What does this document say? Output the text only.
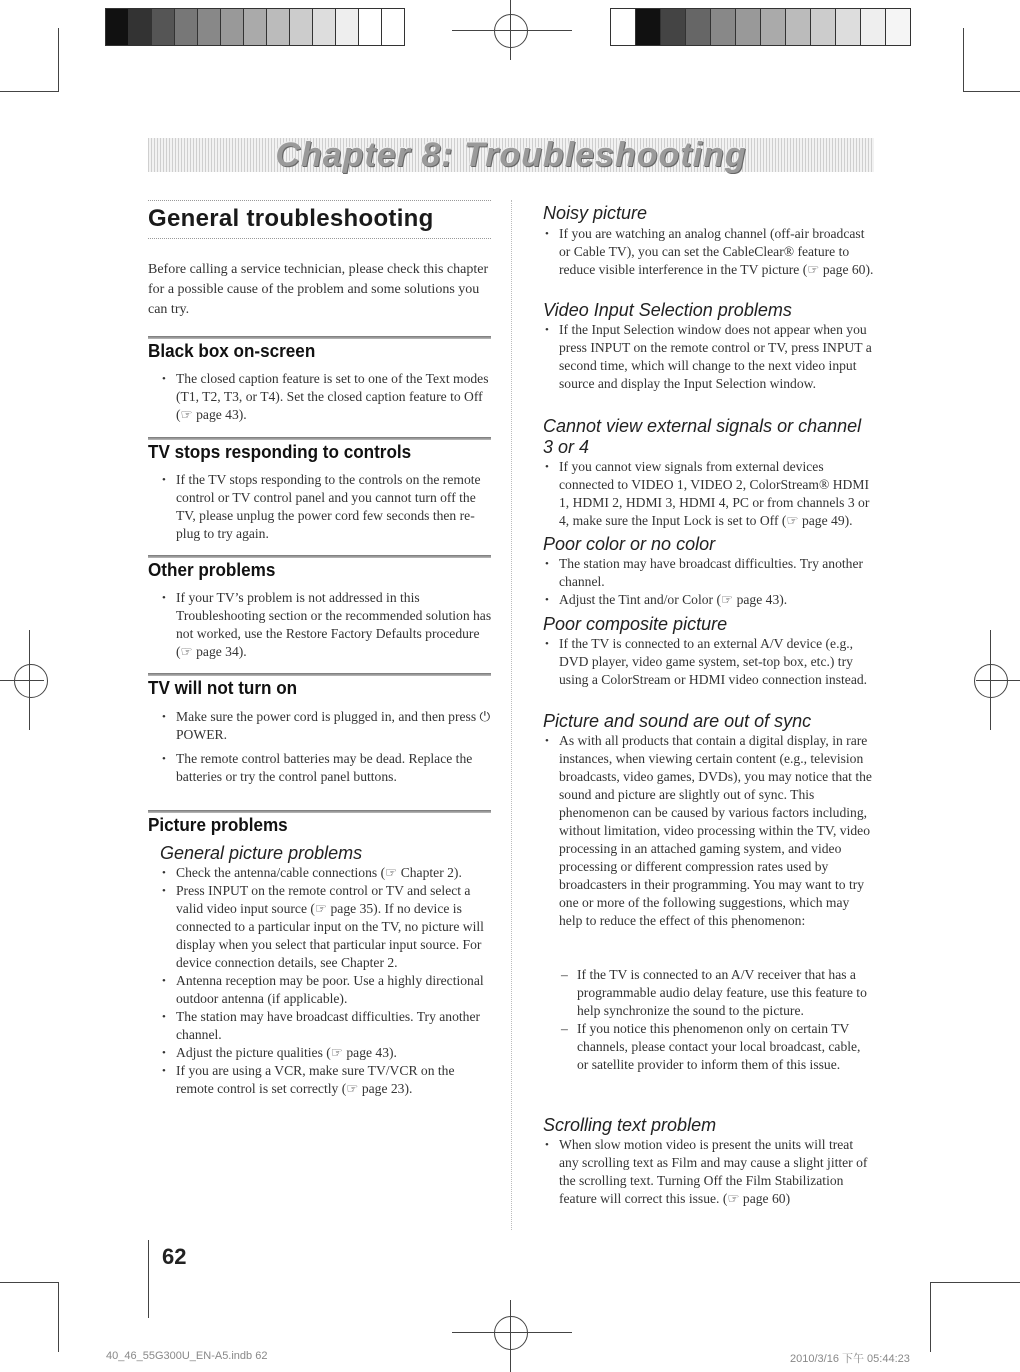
Chapter 8: Troubleshooting
General troubleshooting
Before calling a service technician, please check this chapter for a possible cause of the problem and some solutions you can try.
Black box on-screen
• The closed caption feature is set to one of the Text modes (T1, T2, T3, or T4). Set the closed caption feature to Off (☞ page 43).
TV stops responding to controls
• If the TV stops responding to the controls on the remote control or TV control panel and you cannot turn off the TV, please unplug the power cord few seconds then re-plug to try again.
Other problems
• If your TV’s problem is not addressed in this Troubleshooting section or the recommended solution has not worked, use the Restore Factory Defaults procedure (☞ page 34).
TV will not turn on
• Make sure the power cord is plugged in, and then press ⏻ POWER.
• The remote control batteries may be dead. Replace the batteries or try the control panel buttons.
Picture problems
General picture problems
• Check the antenna/cable connections (☞ Chapter 2).
• Press INPUT on the remote control or TV and select a valid video input source (☞ page 35). If no device is connected to a particular input on the TV, no picture will display when you select that particular input source. For device connection details, see Chapter 2.
• Antenna reception may be poor. Use a highly directional outdoor antenna (if applicable).
• The station may have broadcast difficulties. Try another channel.
• Adjust the picture qualities (☞ page 43).
• If you are using a VCR, make sure TV/VCR on the remote control is set correctly (☞ page 23).
Noisy picture
• If you are watching an analog channel (off-air broadcast or Cable TV), you can set the CableClear® feature to reduce visible interference in the TV picture (☞ page 60).
Video Input Selection problems
• If the Input Selection window does not appear when you press INPUT on the remote control or TV, press INPUT a second time, which will change to the next video input source and display the Input Selection window.
Cannot view external signals or channel 3 or 4
• If you cannot view signals from external devices connected to VIDEO 1, VIDEO 2, ColorStream® HDMI 1, HDMI 2, HDMI 3, HDMI 4, PC or from channels 3 or 4, make sure the Input Lock is set to Off (☞ page 49).
Poor color or no color
• The station may have broadcast difficulties. Try another channel.
• Adjust the Tint and/or Color (☞ page 43).
Poor composite picture
• If the TV is connected to an external A/V device (e.g., DVD player, video game system, set-top box, etc.) try using a ColorStream or HDMI video connection instead.
Picture and sound are out of sync
• As with all products that contain a digital display, in rare instances, when viewing certain content (e.g., television broadcasts, video games, DVDs), you may notice that the sound and picture are slightly out of sync. This phenomenon can be caused by various factors including, without limitation, video processing within the TV, video processing in an attached gaming system, and video processing or different compression rates used by broadcasters in their programming. You may want to try one or more of the following suggestions, which may help to reduce the effect of this phenomenon:
– If the TV is connected to an A/V receiver that has a programmable audio delay feature, use this feature to help synchronize the sound to the picture.
– If you notice this phenomenon only on certain TV channels, please contact your local broadcast, cable, or satellite provider to inform them of this issue.
Scrolling text problem
• When slow motion video is present the units will treat any scrolling text as Film and may cause a slight jitter of the scrolling text. Turning Off the Film Stabilization feature will correct this issue. (☞ page 60)
62
40_46_55G300U_EN-A5.indb 62	2010/3/16 下午 05:44:23
